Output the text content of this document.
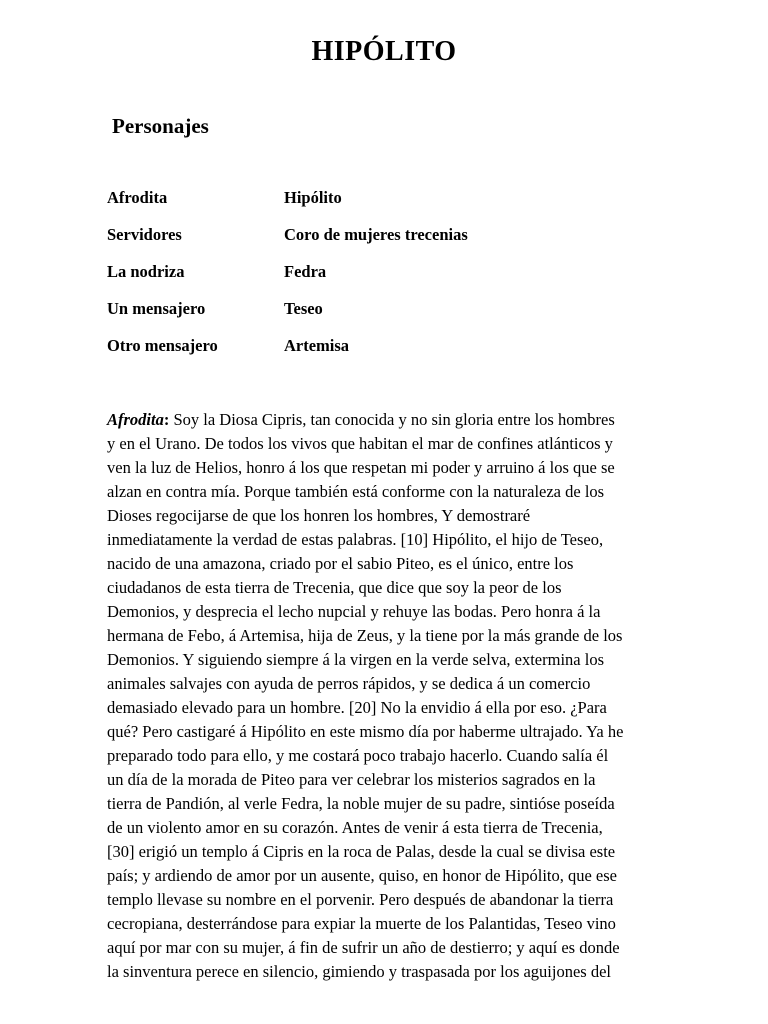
HIPÓLITO
Personajes
Afrodita	Hipólito
Servidores	Coro de mujeres trecenias
La nodriza	Fedra
Un mensajero	Teseo
Otro mensajero	Artemisa
Afrodita: Soy la Diosa Cipris, tan conocida y no sin gloria entre los hombres
y en el Urano. De todos los vivos que habitan el mar de confines atlánticos y
ven la luz de Helios, honro á los que respetan mi poder y arruino á los que se
alzan en contra mía. Porque también está conforme con la naturaleza de los
Dioses regocijarse de que los honren los hombres, Y demostraré
inmediatamente la verdad de estas palabras. [10] Hipólito, el hijo de Teseo,
nacido de una amazona, criado por el sabio Piteo, es el único, entre los
ciudadanos de esta tierra de Trecenia, que dice que soy la peor de los
Demonios, y desprecia el lecho nupcial y rehuye las bodas. Pero honra á la
hermana de Febo, á Artemisa, hija de Zeus, y la tiene por la más grande de los
Demonios. Y siguiendo siempre á la virgen en la verde selva, extermina los
animales salvajes con ayuda de perros rápidos, y se dedica á un comercio
demasiado elevado para un hombre. [20] No la envidio á ella por eso. ¿Para
qué? Pero castigaré á Hipólito en este mismo día por haberme ultrajado. Ya he
preparado todo para ello, y me costará poco trabajo hacerlo. Cuando salía él
un día de la morada de Piteo para ver celebrar los misterios sagrados en la
tierra de Pandión, al verle Fedra, la noble mujer de su padre, sintióse poseída
de un violento amor en su corazón. Antes de venir á esta tierra de Trecenia,
[30] erigió un templo á Cipris en la roca de Palas, desde la cual se divisa este
país; y ardiendo de amor por un ausente, quiso, en honor de Hipólito, que ese
templo llevase su nombre en el porvenir. Pero después de abandonar la tierra
cecropiana, desterrándose para expiar la muerte de los Palantidas, Teseo vino
aquí por mar con su mujer, á fin de sufrir un año de destierro; y aquí es donde
la sinventura perece en silencio, gimiendo y traspasada por los aguijones del
